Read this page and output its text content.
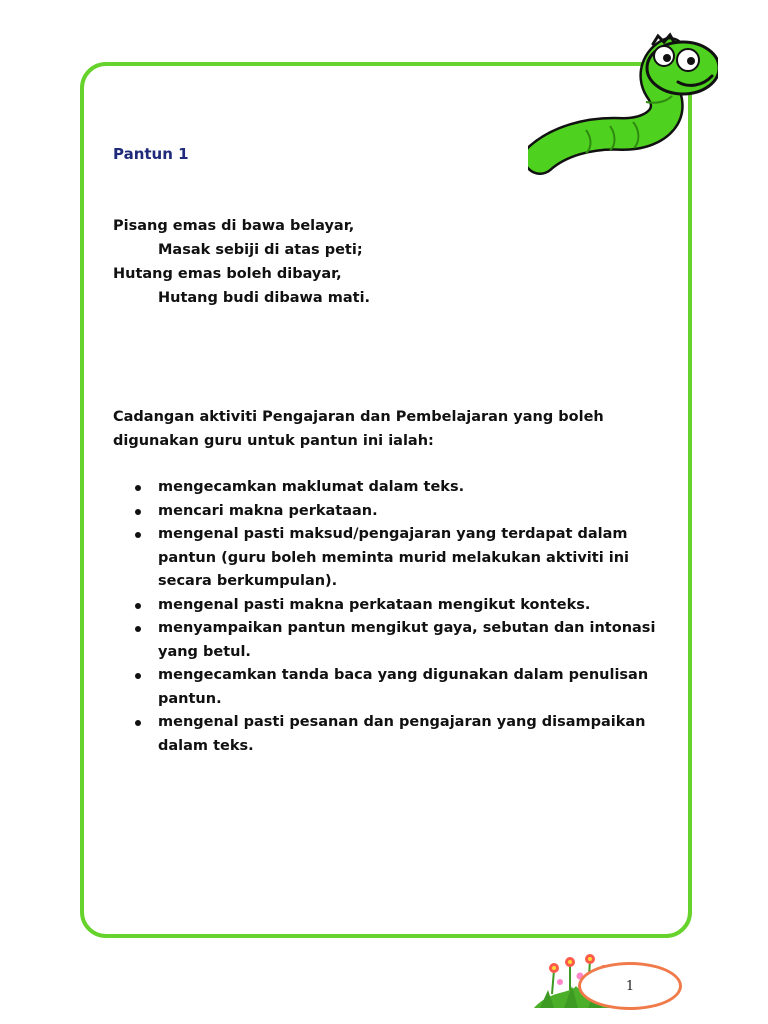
Pantun 1
Pisang emas di bawa belayar,
Masak sebiji di atas peti;
Hutang emas boleh dibayar,
Hutang budi dibawa mati.

Cadangan aktiviti Pengajaran dan Pembelajaran yang boleh digunakan guru untuk pantun ini ialah:

mengecamkan maklumat dalam teks.
mencari makna perkataan.
mengenal pasti maksud/pengajaran yang terdapat dalam pantun (guru boleh meminta murid melakukan aktiviti ini secara berkumpulan).
mengenal pasti makna perkataan mengikut konteks.
menyampaikan pantun mengikut gaya, sebutan dan intonasi yang betul.
mengecamkan tanda baca yang digunakan dalam penulisan pantun.
mengenal pasti pesanan dan pengajaran yang disampaikan dalam teks.
1
